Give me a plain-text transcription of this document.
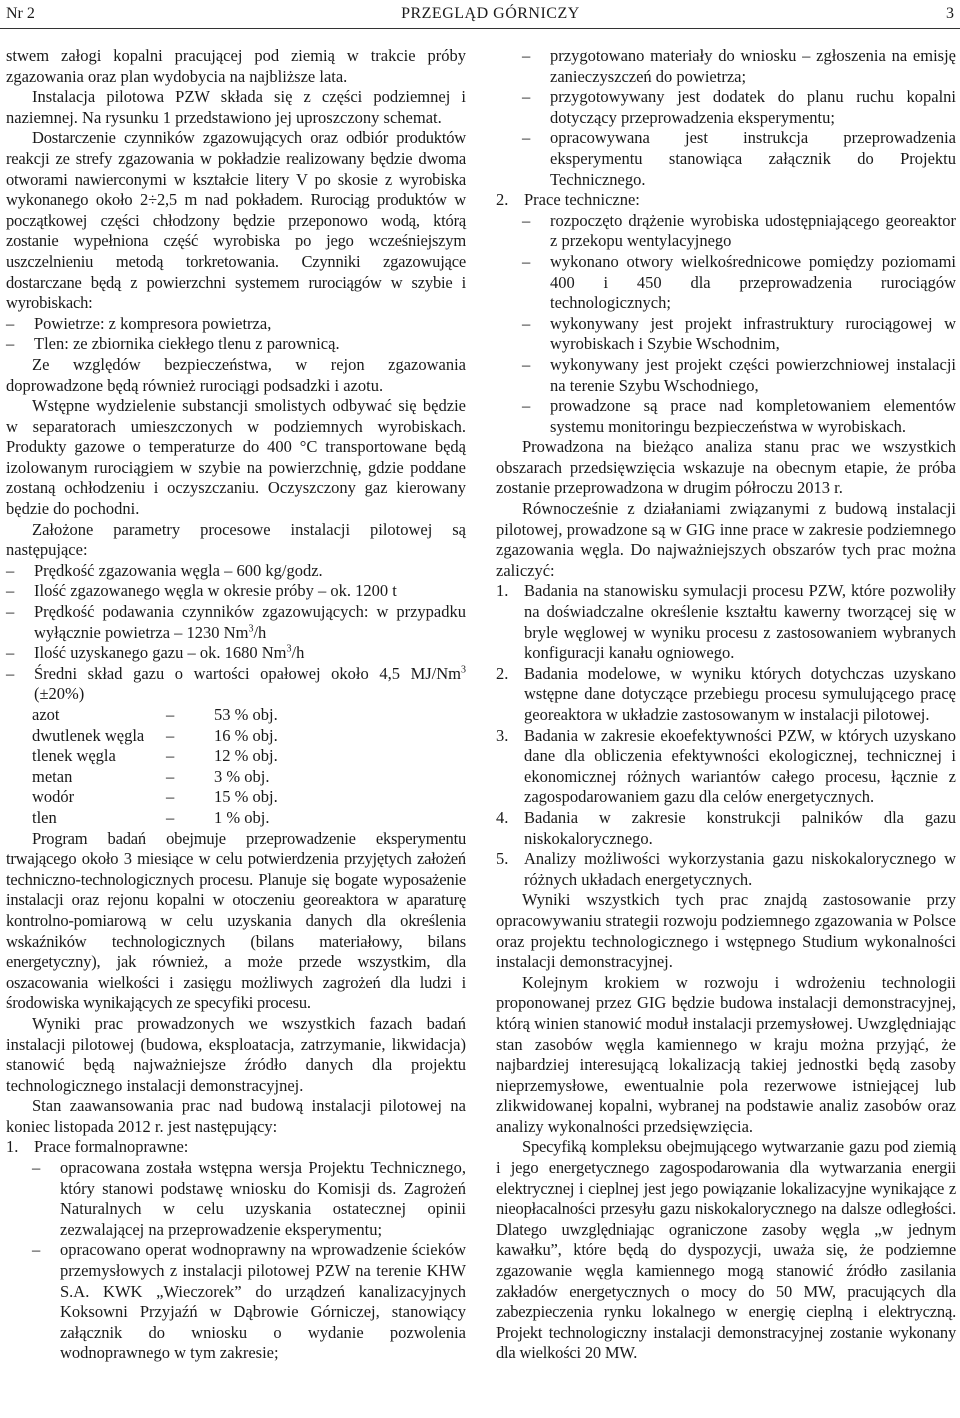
Nr 2	PRZEGLĄD GÓRNICZY	3

stwem załogi kopalni pracującej pod ziemią w trakcie próby zgazowania oraz plan wydobycia na najbliższe lata.

Instalacja pilotowa PZW składa się z części podziemnej i naziemnej. Na rysunku 1 przedstawiono jej uproszczony schemat.

Dostarczenie czynników zgazowujących oraz odbiór produktów reakcji ze strefy zgazowania w pokładzie realizowany będzie dwoma otworami nawierconymi w kształcie litery V po skosie z wyrobiska wykonanego około 2÷2,5 m nad pokładem. Rurociąg produktów w początkowej części chłodzony będzie przeponowo wodą, którą zostanie wypełniona część wyrobiska po jego wcześniejszym uszczelnieniu metodą torkretowania. Czynniki zgazowujące dostarczane będą z powierzchni systemem rurociągów w szybie i wyrobiskach:

– Powietrze: z kompresora powietrza,

– Tlen: ze zbiornika ciekłego tlenu z parownicą.

Ze względów bezpieczeństwa, w rejon zgazowania doprowadzone będą również rurociągi podsadzki i azotu.

Wstępne wydzielenie substancji smolistych odbywać się będzie w separatorach umieszczonych w podziemnych wyrobiskach. Produkty gazowe o temperaturze do 400 °C transportowane będą izolowanym rurociągiem w szybie na powierzchnię, gdzie poddane zostaną ochłodzeniu i oczyszczaniu. Oczyszczony gaz kierowany będzie do pochodni.

Założone parametry procesowe instalacji pilotowej są następujące:

– Prędkość zgazowania węgla – 600 kg/godz.

– Ilość zgazowanego węgla w okresie próby – ok. 1200 t

– Prędkość podawania czynników zgazowujących: w przypadku wyłącznie powietrza – 1230 Nm$^3$/h

– Ilość uzyskanego gazu – ok. 1680 Nm$^3$/h

– Średni skład gazu o wartości opałowej około 4,5 MJ/Nm$^3$ (±20%)

azot	– 53 % obj.
dwutlenek węgla – 16 % obj.
tlenek węgla	– 12 % obj.
metan	– 3 % obj.
wodór	– 15 % obj.
tlen	– 1 % obj.

Program badań obejmuje przeprowadzenie eksperymentu trwającego około 3 miesiące w celu potwierdzenia przyjętych założeń techniczno-technologicznych procesu. Planuje się bogate wyposażenie instalacji oraz rejonu kopalni w otoczeniu georeaktora w aparaturę kontrolno-pomiarową w celu uzyskania danych dla określenia wskaźników technologicznych (bilans materiałowy, bilans energetyczny), jak również, a może przede wszystkim, dla oszacowania wielkości i zasięgu możliwych zagrożeń dla ludzi i środowiska wynikających ze specyfiki procesu.

Wyniki prac prowadzonych we wszystkich fazach badań instalacji pilotowej (budowa, eksploatacja, zatrzymanie, likwidacja) stanowić będą najważniejsze źródło danych dla projektu technologicznego instalacji demonstracyjnej.

Stan zaawansowania prac nad budową instalacji pilotowej na koniec listopada 2012 r. jest następujący:

1. Prace formalnoprawne:

– opracowana została wstępna wersja Projektu Technicznego, który stanowi podstawę wniosku do Komisji ds. Zagrożeń Naturalnych w celu uzyskania ostatecznej opinii zezwalającej na przeprowadzenie eksperymentu;

– opracowano operat wodnoprawny na wprowadzenie ścieków przemysłowych z instalacji pilotowej PZW na terenie KHW S.A. KWK „Wieczorek” do urządzeń kanalizacyjnych Koksowni Przyjaźń w Dąbrowie Górniczej, stanowiący załącznik do wniosku o wydanie pozwolenia wodnoprawnego w tym zakresie;

– przygotowano materiały do wniosku – zgłoszenia na emisję zanieczyszczeń do powietrza;

– przygotowywany jest dodatek do planu ruchu kopalni dotyczący przeprowadzenia eksperymentu;

– opracowywana jest instrukcja przeprowadzenia eksperymentu stanowiąca załącznik do Projektu Technicznego.

2. Prace techniczne:

– rozpoczęto drążenie wyrobiska udostępniającego georeaktor z przekopu wentylacyjnego

– wykonano otwory wielkośrednicowe pomiędzy poziomami 400 i 450 dla przeprowadzenia rurociągów technologicznych;

– wykonywany jest projekt infrastruktury rurociągowej w wyrobiskach i Szybie Wschodnim,

– wykonywany jest projekt części powierzchniowej instalacji na terenie Szybu Wschodniego,

– prowadzone są prace nad kompletowaniem elementów systemu monitoringu bezpieczeństwa w wyrobiskach.

Prowadzona na bieżąco analiza stanu prac we wszystkich obszarach przedsięwzięcia wskazuje na obecnym etapie, że próba zostanie przeprowadzona w drugim półroczu 2013 r.

Równocześnie z działaniami związanymi z budową instalacji pilotowej, prowadzone są w GIG inne prace w zakresie podziemnego zgazowania węgla. Do najważniejszych obszarów tych prac można zaliczyć:

1. Badania na stanowisku symulacji procesu PZW, które pozwoliły na doświadczalne określenie kształtu kawerny tworzącej się w bryle węglowej w wyniku procesu z zastosowaniem wybranych konfiguracji kanału ogniowego.

2. Badania modelowe, w wyniku których dotychczas uzyskano wstępne dane dotyczące przebiegu procesu symulującego pracę georeaktora w układzie zastosowanym w instalacji pilotowej.

3. Badania w zakresie ekoefektywności PZW, w których uzyskano dane dla obliczenia efektywności ekologicznej, technicznej i ekonomicznej różnych wariantów całego procesu, łącznie z zagospodarowaniem gazu dla celów energetycznych.

4. Badania w zakresie konstrukcji palników dla gazu niskokalorycznego.

5. Analizy możliwości wykorzystania gazu niskokalorycznego w różnych układach energetycznych.

Wyniki wszystkich tych prac znajdą zastosowanie przy opracowywaniu strategii rozwoju podziemnego zgazowania w Polsce oraz projektu technologicznego i wstępnego Studium wykonalności instalacji demonstracyjnej.

Kolejnym krokiem w rozwoju i wdrożeniu technologii proponowanej przez GIG będzie budowa instalacji demonstracyjnej, którą winien stanowić moduł instalacji przemysłowej. Uwzględniając stan zasobów węgla kamiennego w kraju można przyjąć, że najbardziej interesującą lokalizacją takiej jednostki będą zasoby nieprzemysłowe, ewentualnie pola rezerwowe istniejącej lub zlikwidowanej kopalni, wybranej na podstawie analiz zasobów oraz analizy wykonalności przedsięwzięcia.

Specyfiką kompleksu obejmującego wytwarzanie gazu pod ziemią i jego energetycznego zagospodarowania dla wytwarzania energii elektrycznej i cieplnej jest jego powiązanie lokalizacyjne wynikające z nieopłacalności przesyłu gazu niskokalorycznego na dalsze odległości. Dlatego uwzględniając ograniczone zasoby węgla „w jednym kawałku”, które będą do dyspozycji, uważa się, że podziemne zgazowanie węgla kamiennego mogą stanowić źródło zasilania zakładów energetycznych o mocy do 50 MW, pracujących dla zabezpieczenia rynku lokalnego w energię cieplną i elektryczną. Projekt technologiczny instalacji demonstracyjnej zostanie wykonany dla wielkości 20 MW.
